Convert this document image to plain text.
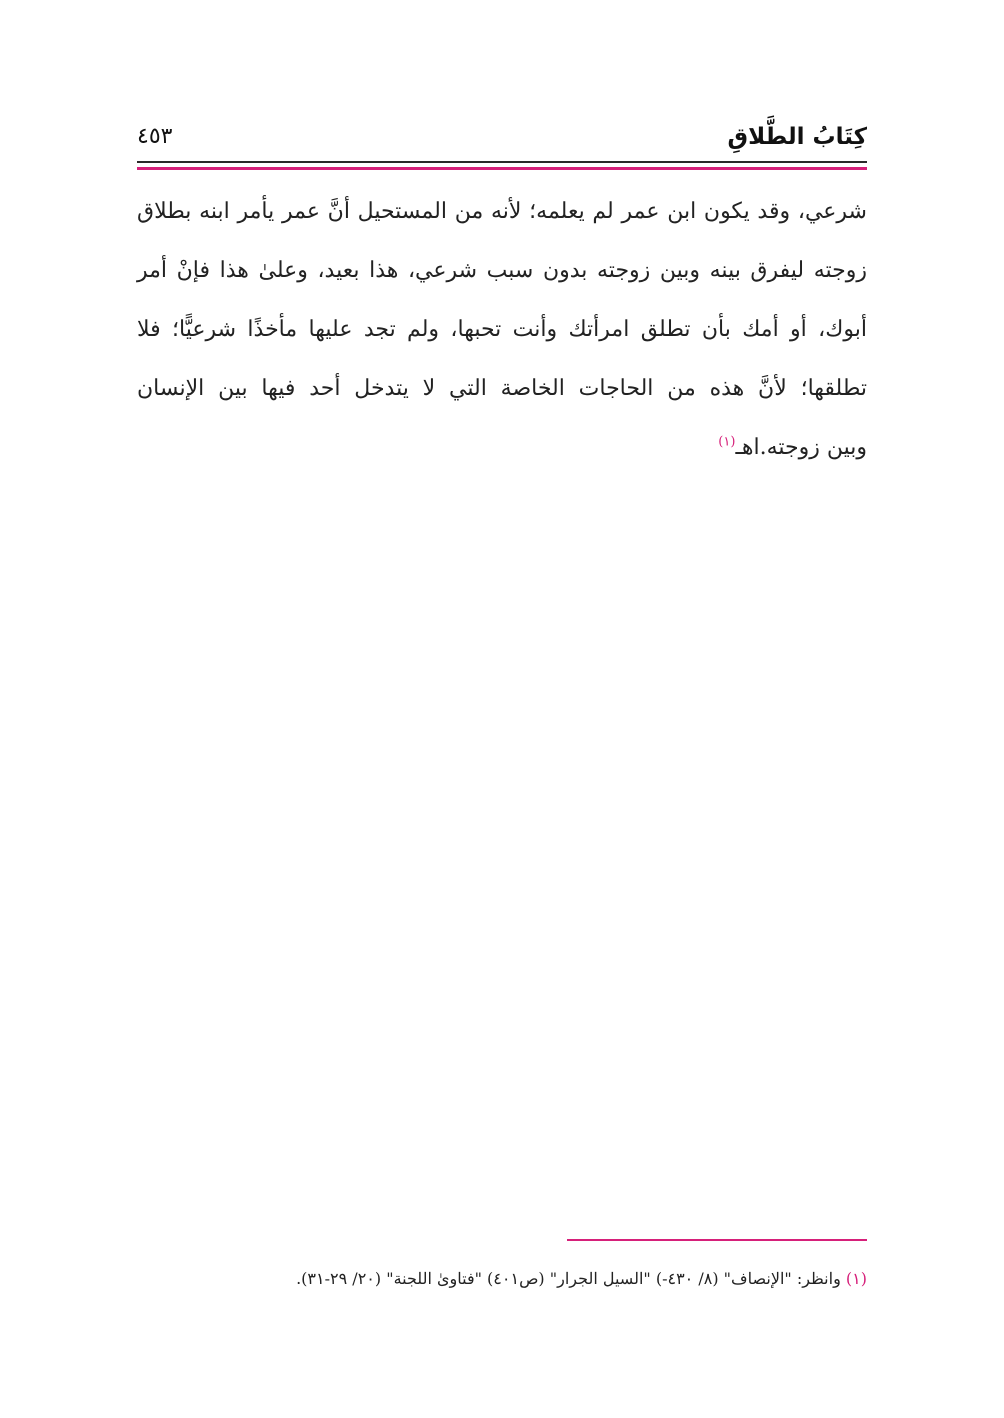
كِتَابُ الطَّلاقِ
٤٥٣
شرعي، وقد يكون ابن عمر لم يعلمه؛ لأنه من المستحيل أنَّ عمر يأمر ابنه بطلاق
زوجته ليفرق بينه وبين زوجته بدون سبب شرعي، هذا بعيد، وعلىٰ هذا فإنْ أمر
أبوك، أو أمك بأن تطلق امرأتك وأنت تحبها، ولم تجد عليها مأخذًا شرعيًّا؛ فلا
تطلقها؛ لأنَّ هذه من الحاجات الخاصة التي لا يتدخل أحد فيها بين الإنسان
وبين زوجته.اهـ$^{(١)}$
(١) وانظر: "الإنصاف" (٨/ ٤٣٠-) "السيل الجرار" (ص٤٠١) "فتاوىٰ اللجنة" (٢٠/ ٢٩-٣١).
